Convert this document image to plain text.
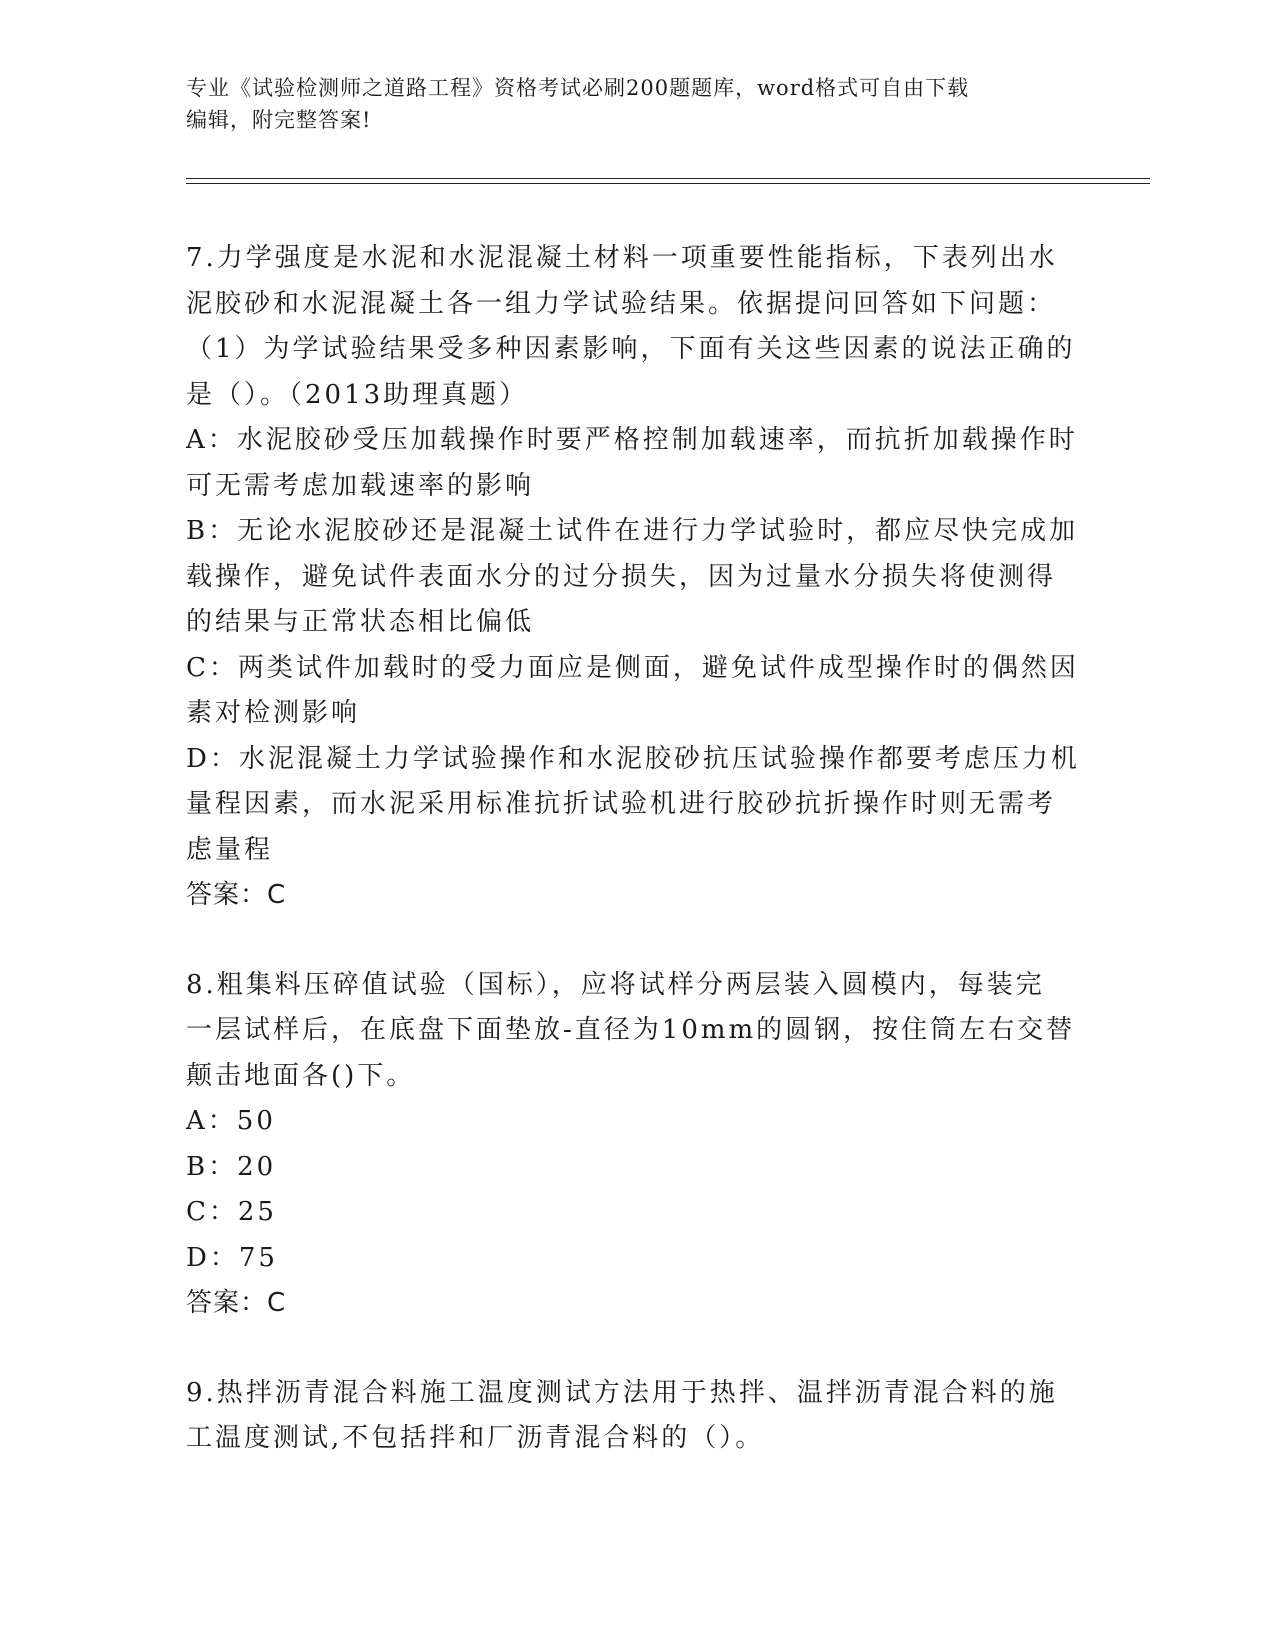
专业《试验检测师之道路工程》资格考试必刷200题题库，word格式可自由下载
编辑，附完整答案!
7.力学强度是水泥和水泥混凝土材料一项重要性能指标，下表列出水
泥胶砂和水泥混凝土各一组力学试验结果。依据提问回答如下问题：
（1）为学试验结果受多种因素影响，下面有关这些因素的说法正确的
是（）。（2013助理真题）
A：水泥胶砂受压加载操作时要严格控制加载速率，而抗折加载操作时
可无需考虑加载速率的影响
B：无论水泥胶砂还是混凝土试件在进行力学试验时，都应尽快完成加
载操作，避免试件表面水分的过分损失，因为过量水分损失将使测得
的结果与正常状态相比偏低
C：两类试件加载时的受力面应是侧面，避免试件成型操作时的偶然因
素对检测影响
D：水泥混凝土力学试验操作和水泥胶砂抗压试验操作都要考虑压力机
量程因素，而水泥采用标准抗折试验机进行胶砂抗折操作时则无需考
虑量程
答案：C
8.粗集料压碎值试验（国标），应将试样分两层装入圆模内，每装完
一层试样后，在底盘下面垫放-直径为10mm的圆钢，按住筒左右交替
颠击地面各()下。
A：50
B：20
C：25
D：75
答案：C
9.热拌沥青混合料施工温度测试方法用于热拌、温拌沥青混合料的施
工温度测试,不包括拌和厂沥青混合料的（）。
